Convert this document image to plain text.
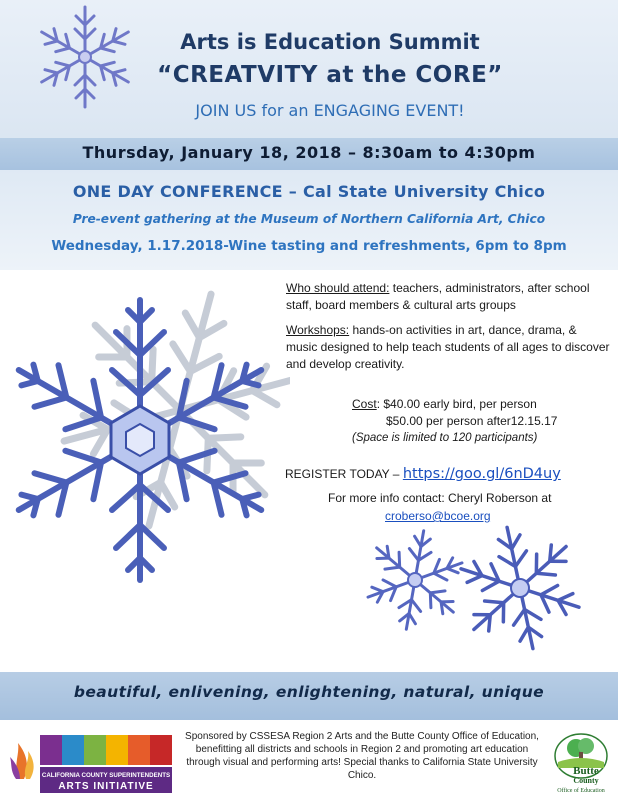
Arts is Education Summit
“CREATVITY at the CORE”
JOIN US for an ENGAGING EVENT!
Thursday, January 18, 2018 – 8:30am to 4:30pm
ONE DAY CONFERENCE – Cal State University Chico
Pre-event gathering at the Museum of Northern California Art, Chico
Wednesday, 1.17.2018-Wine tasting and refreshments, 6pm to 8pm
Who should attend: teachers, administrators, after school staff, board members & cultural arts groups
Workshops: hands-on activities in art, dance, drama, & music designed to help teach students of all ages to discover and develop creativity.
Cost: $40.00 early bird, per person
$50.00 per person after12.15.17
(Space is limited to 120 participants)
REGISTER TODAY – https://goo.gl/6nD4uy
For more info contact: Cheryl Roberson at
croberso@bcoe.org
beautiful, enlivening, enlightening, natural, unique
CALIFORNIA COUNTY SUPERINTENDENTS
ARTS INITIATIVE
Sponsored by CSSESA Region 2 Arts and the Butte County Office of Education, benefitting all districts and schools in Region 2 and promoting art education through visual and performing arts! Special thanks to California State University Chico.	Butte
County
Office of Education
